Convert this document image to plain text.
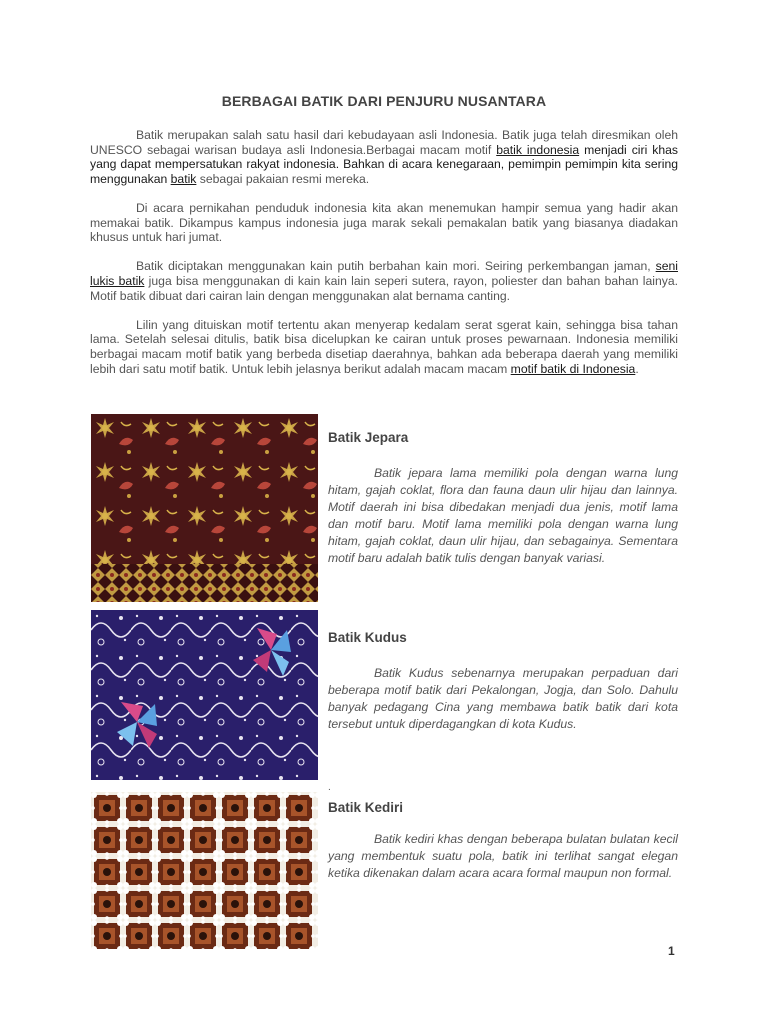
BERBAGAI BATIK DARI PENJURU NUSANTARA

Batik merupakan salah satu hasil dari kebudayaan asli Indonesia. Batik juga telah diresmikan oleh UNESCO sebagai warisan budaya asli Indonesia.Berbagai macam motif batik indonesia menjadi ciri khas yang dapat mempersatukan rakyat indonesia. Bahkan di acara kenegaraan, pemimpin pemimpin kita sering menggunakan batik sebagai pakaian resmi mereka.

Di acara pernikahan penduduk indonesia kita akan menemukan hampir semua yang hadir akan memakai batik. Dikampus kampus indonesia juga marak sekali pemakalan batik yang biasanya diadakan khusus untuk hari jumat.

Batik diciptakan menggunakan kain putih berbahan kain mori. Seiring perkembangan jaman, seni lukis batik juga bisa menggunakan di kain kain lain seperi sutera, rayon, poliester dan bahan bahan lainya. Motif batik dibuat dari cairan lain dengan menggunakan alat bernama canting.

Lilin yang dituiskan motif tertentu akan menyerap kedalam serat sgerat kain, sehingga bisa tahan lama. Setelah selesai ditulis, batik bisa dicelupkan ke cairan untuk proses pewarnaan. Indonesia memiliki berbagai macam motif batik yang berbeda disetiap daerahnya, bahkan ada beberapa daerah yang memiliki lebih dari satu motif batik. Untuk lebih jelasnya berikut adalah macam macam motif batik di Indonesia.

Batik Jepara

Batik jepara lama memiliki pola dengan warna lung hitam, gajah coklat, flora dan fauna daun ulir hijau dan lainnya. Motif daerah ini bisa dibedakan menjadi dua jenis, motif lama dan motif baru. Motif lama memiliki pola dengan warna lung hitam, gajah coklat, daun ulir hijau, dan sebagainya. Sementara motif baru adalah batik tulis dengan banyak variasi.

Batik Kudus

Batik Kudus sebenarnya merupakan perpaduan dari beberapa motif batik dari Pekalongan, Jogja, dan Solo. Dahulu banyak pedagang Cina yang membawa batik batik dari kota tersebut untuk diperdagangkan di kota Kudus.

.
Batik Kediri

Batik kediri khas dengan beberapa bulatan bulatan kecil yang membentuk suatu pola, batik ini terlihat sangat elegan ketika dikenakan dalam acara acara formal maupun non formal.

1
